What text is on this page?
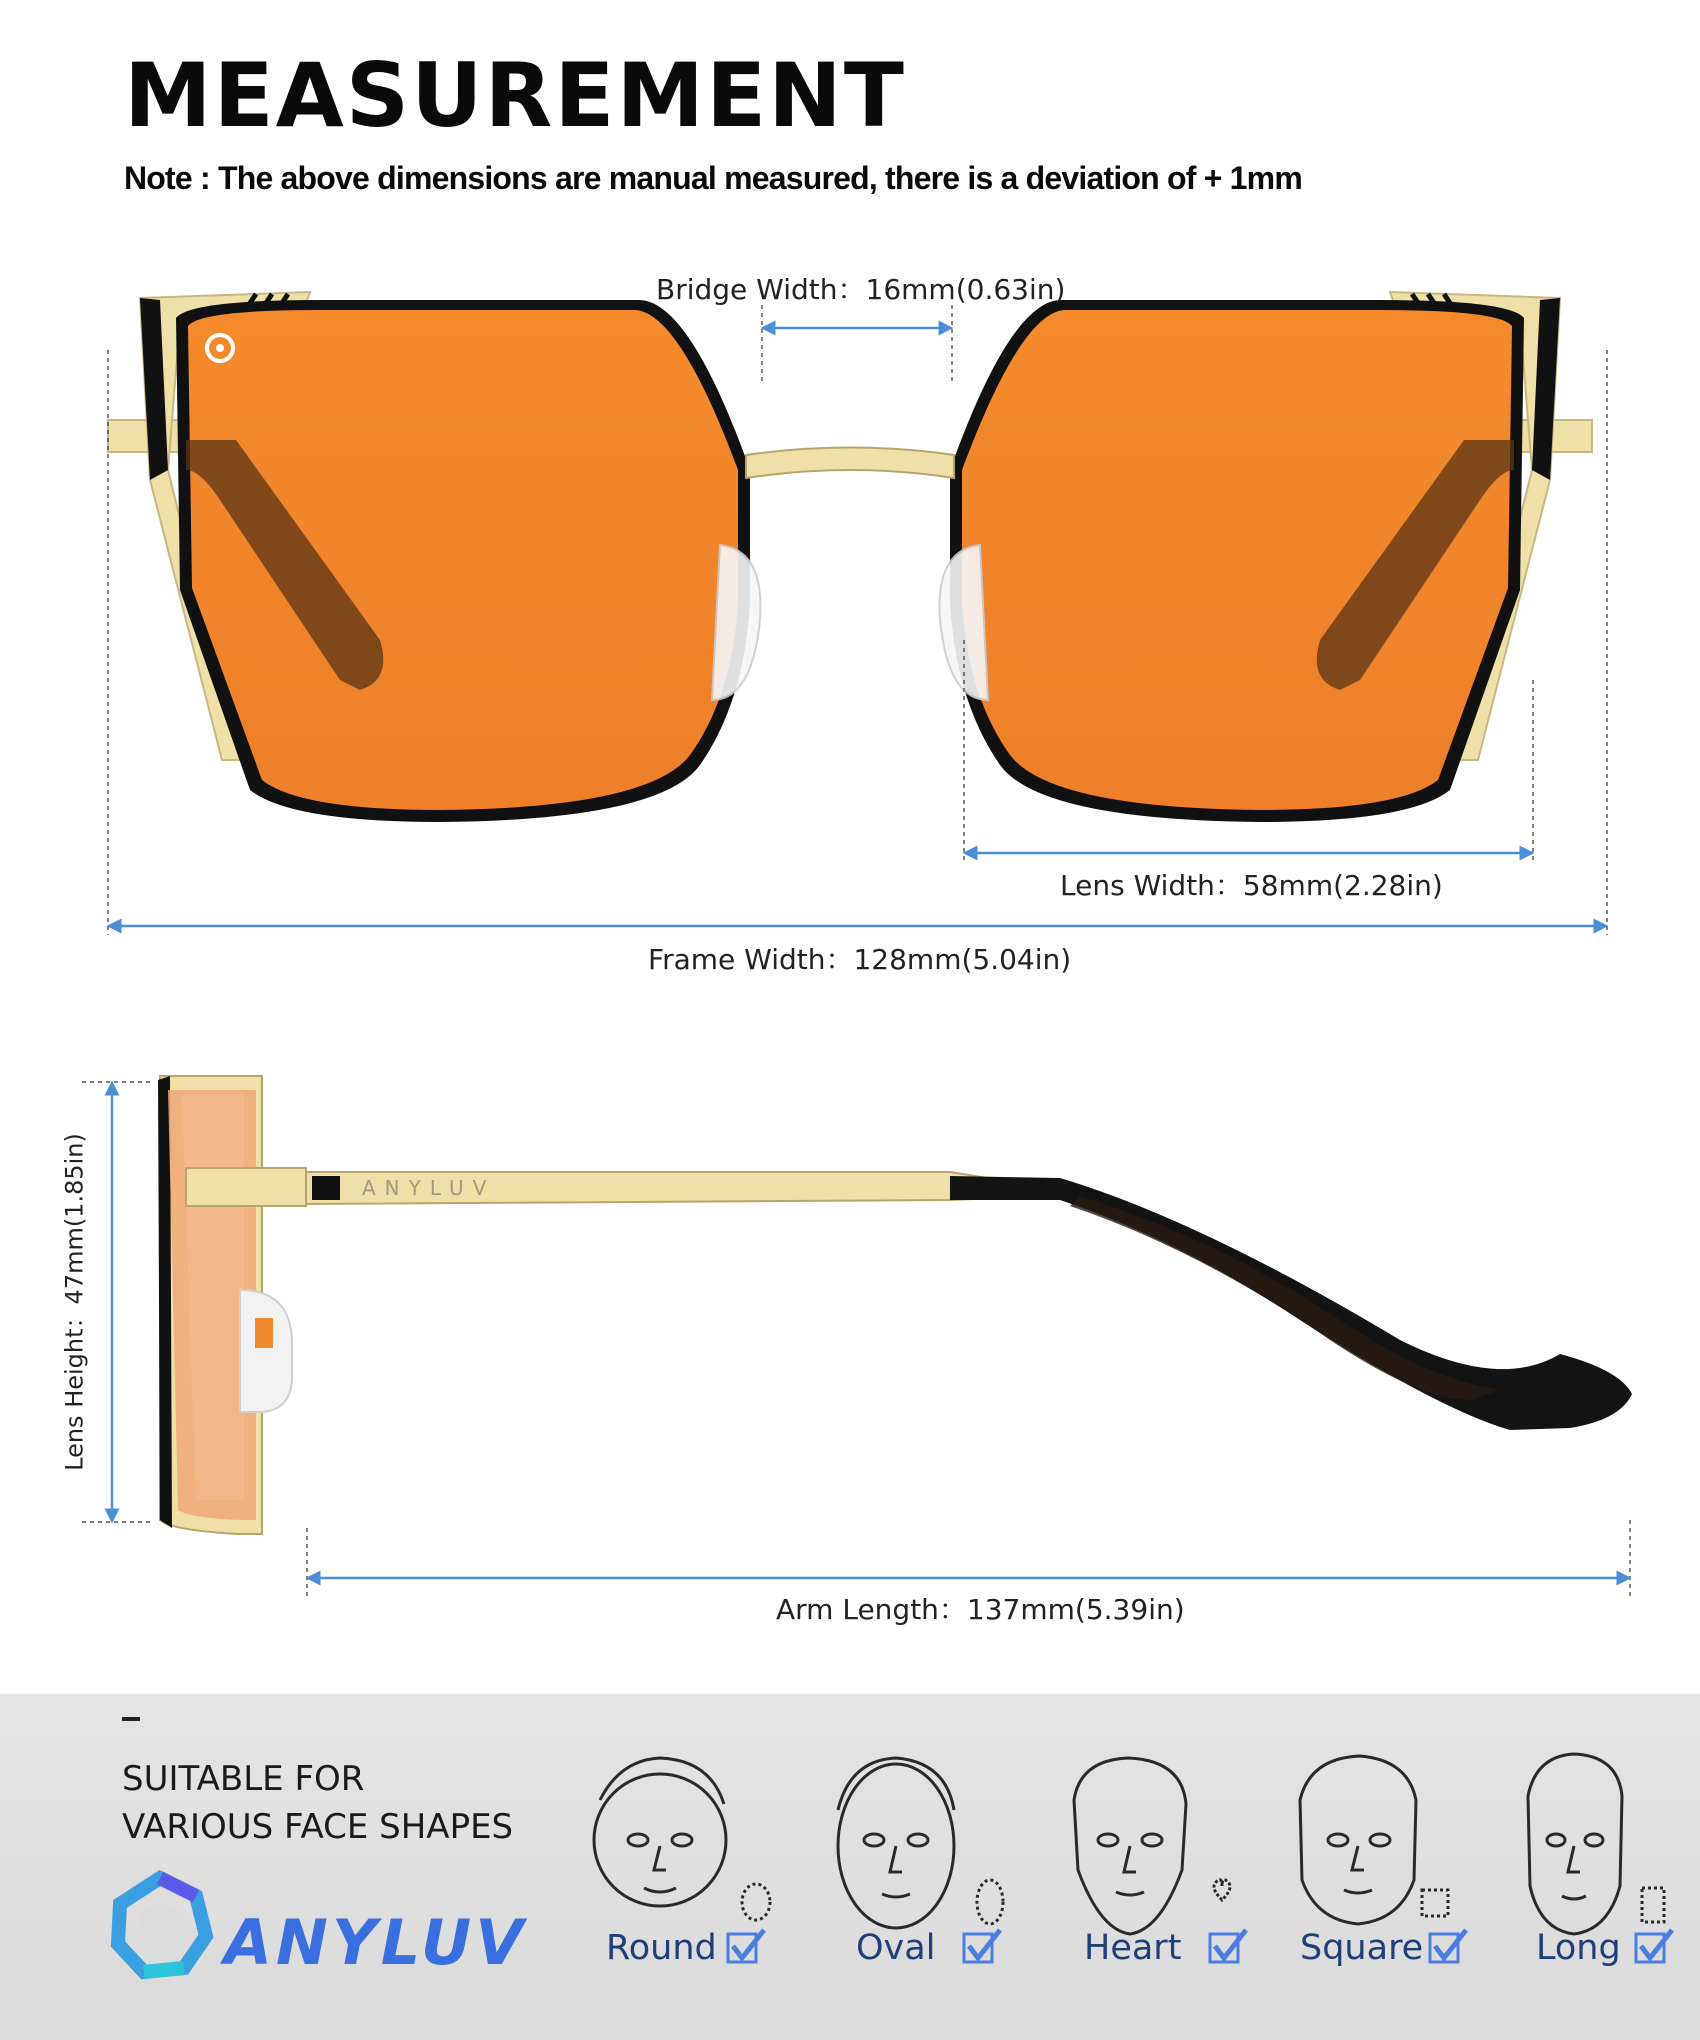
MEASUREMENT
Note : The above dimensions are manual measured, there is a deviation of + 1mm
ANYLUV
Bridge Width：16mm(0.63in)
Lens Width：58mm(2.28in)
Frame Width：128mm(5.04in)
Lens Height：47mm(1.85in)
Arm Length：137mm(5.39in)
SUITABLE FOR
VARIOUS FACE SHAPES
ANYLUV Round	Oval	Heart	Square	Long
